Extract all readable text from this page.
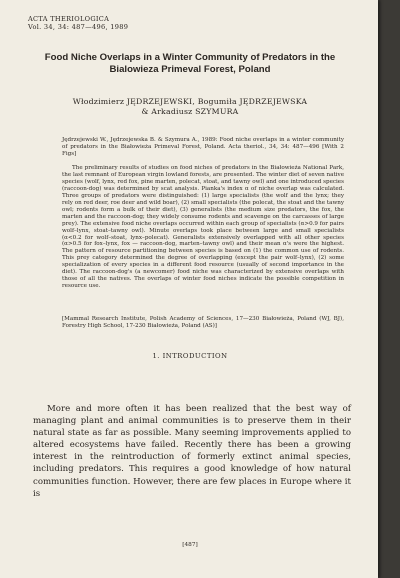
ACTA THERIOLOGICA
Vol. 34, 34: 487—496, 1989
Food Niche Overlaps in a Winter Community of Predators in the Bialowieza Primeval Forest, Poland
Włodzimierz JĘDRZEJEWSKI, Bogumiła JĘDRZEJEWSKA
& Arkadiusz SZYMURA
Jędrzejewski W., Jędrzejewska B. & Szymura A., 1989: Food niche overlaps in a winter community of predators in the Białowieża Primeval Forest, Poland. Acta theriol., 34, 34: 487—496 [With 2 Figs]
The preliminary results of studies on food niches of predators in the Białowieża National Park, the last remnant of European virgin lowland forests, are presented. The winter diet of seven native species (wolf, lynx, red fox, pine marten, polecat, stoat, and tawny owl) and one introduced species (raccoon-dog) was determined by scat analysis. Pianka's index α of niche overlap was calculated. Three groups of predators were distinguished: (1) large specialists (the wolf and the lynx; they rely on red deer, roe deer and wild boar), (2) small specialists (the polecat, the stoat and the tawny owl; rodents form a bulk of their diet), (3) generalists (the medium size predators, the fox, the marten and the raccoon-dog; they widely consume rodents and scavenge on the carcasses of large prey). The extensive food niche overlaps occurred within each group of specialists (α>0.9 for pairs wolf–lynx, stoat–tawny owl). Minute overlaps took place between large and small specialists (α<0.2 for wolf–stoat, lynx–polecat). Generalists extensively overlapped with all other species (α>0.5 for fox–lynx, fox — raccoon-dog, marten–tawny owl) and their mean α's were the highest. The pattern of resource partitioning between species is based on (1) the common use of rodents. This prey category determined the degree of overlapping (except the pair wolf–lynx), (2) some specialization of every species in a different food resource (usually of second importance in the diet). The raccoon-dog's (a newcomer) food niche was characterized by extensive overlaps with those of all the natives. The overlaps of winter food niches indicate the possible competition in resource use.
[Mammal Research Institute, Polish Academy of Sciences, 17—230 Białowieża, Poland (WJ, BJ), Forestry High School, 17-230 Białowieża, Poland (AS)]
1. INTRODUCTION
More and more often it has been realized that the best way of managing plant and animal communities is to preserve them in their natural state as far as possible. Many seeming improvements applied to altered ecosystems have failed. Recently there has been a growing interest in the reintroduction of formerly extinct animal species, including predators. This requires a good knowledge of how natural communities function. However, there are few places in Europe where it is
[487]
